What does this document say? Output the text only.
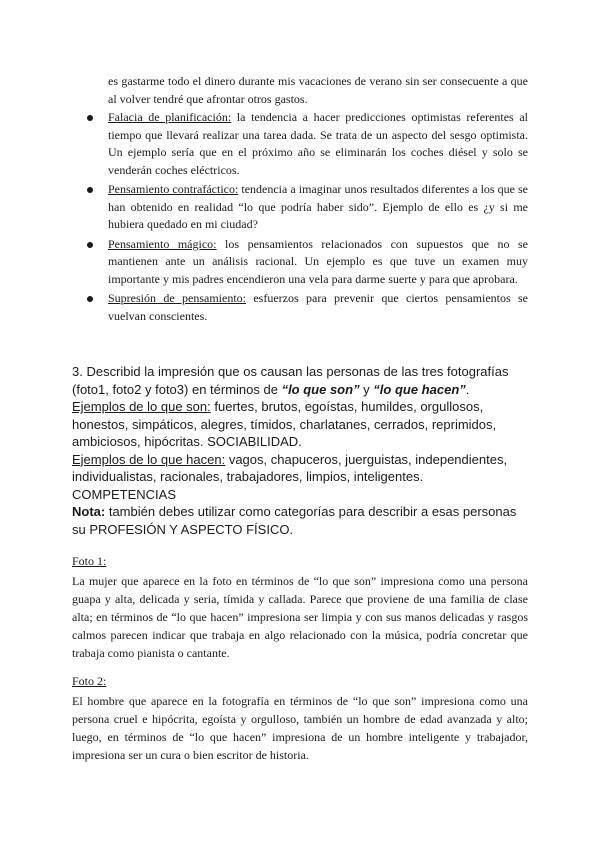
es gastarme todo el dinero durante mis vacaciones de verano sin ser consecuente a que al volver tendré que afrontar otros gastos.
Falacia de planificación: la tendencia a hacer predicciones optimistas referentes al tiempo que llevará realizar una tarea dada. Se trata de un aspecto del sesgo optimista. Un ejemplo sería que en el próximo año se eliminarán los coches diésel y solo se venderán coches eléctricos.
Pensamiento contrafáctico: tendencia a imaginar unos resultados diferentes a los que se han obtenido en realidad “lo que podría haber sido”. Ejemplo de ello es ¿y si me hubiera quedado en mi ciudad?
Pensamiento mágico: los pensamientos relacionados con supuestos que no se mantienen ante un análisis racional. Un ejemplo es que tuve un examen muy importante y mis padres encendieron una vela para darme suerte y para que aprobara.
Supresión de pensamiento: esfuerzos para prevenir que ciertos pensamientos se vuelvan conscientes.

3. Describid la impresión que os causan las personas de las tres fotografías (foto1, foto2 y foto3) en términos de “lo que son” y “lo que hacen”.

Ejemplos de lo que son: fuertes, brutos, egoístas, humildes, orgullosos, honestos, simpáticos, alegres, tímidos, charlatanes, cerrados, reprimidos, ambiciosos, hipócritas. SOCIABILIDAD.

Ejemplos de lo que hacen: vagos, chapuceros, juerguistas, independientes, individualistas, racionales, trabajadores, limpios, inteligentes.

COMPETENCIAS

Nota: también debes utilizar como categorías para describir a esas personas su PROFESIÓN Y ASPECTO FÍSICO.

Foto 1:

La mujer que aparece en la foto en términos de “lo que son” impresiona como una persona guapa y alta, delicada y seria, tímida y callada. Parece que proviene de una familia de clase alta; en términos de “lo que hacen” impresiona ser limpia y con sus manos delicadas y rasgos calmos parecen indicar que trabaja en algo relacionado con la música, podría concretar que trabaja como pianista o cantante.

Foto 2:

El hombre que aparece en la fotografía en términos de “lo que son” impresiona como una persona cruel e hipócrita, egoísta y orgulloso, también un hombre de edad avanzada y alto; luego, en términos de “lo que hacen” impresiona de un hombre inteligente y trabajador, impresiona ser un cura o bien escritor de historia.
